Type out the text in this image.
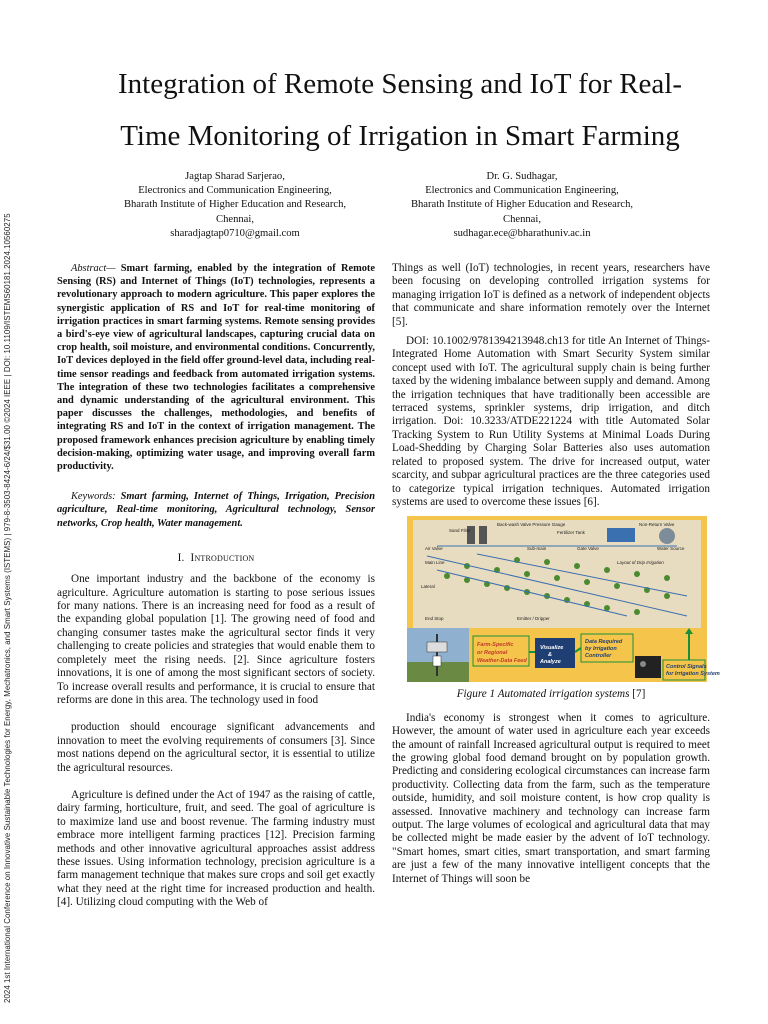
2024 1st International Conference on Innovative Sustainable Technologies for Energy, Mechatronics, and Smart Systems (ISTEMS) | 979-8-3503-8424-6/24/$31.00 ©2024 IEEE | DOI: 10.1109/ISTEMS60181.2024.10560275
Integration of Remote Sensing and IoT for Real-
Time Monitoring of Irrigation in Smart Farming
Jagtap Sharad Sarjerao,
Electronics and Communication Engineering,
Bharath Institute of Higher Education and Research,
Chennai,
sharadjagtap0710@gmail.com
Dr. G. Sudhagar,
Electronics and Communication Engineering,
Bharath Institute of Higher Education and Research,
Chennai,
sudhagar.ece@bharathuniv.ac.in

Abstract— Smart farming, enabled by the integration of Remote Sensing (RS) and Internet of Things (IoT) technologies, represents a revolutionary approach to modern agriculture. This paper explores the synergistic application of RS and IoT for real-time monitoring of irrigation practices in smart farming systems. Remote sensing provides a bird's-eye view of agricultural landscapes, capturing crucial data on crop health, soil moisture, and environmental conditions. Concurrently, IoT devices deployed in the field offer ground-level data, including real-time sensor readings and feedback from automated irrigation systems. The integration of these two technologies facilitates a comprehensive and dynamic understanding of the agricultural environment. This paper discusses the challenges, methodologies, and benefits of integrating RS and IoT in the context of irrigation management. The proposed framework enhances precision agriculture by enabling timely decision-making, optimizing water usage, and improving overall farm productivity.

Keywords: Smart farming, Internet of Things, Irrigation, Precision agriculture, Real-time monitoring, Agricultural technology, Sensor networks, Crop health, Water management.

I. Introduction

One important industry and the backbone of the economy is agriculture. Agriculture automation is starting to pose serious issues for many nations. There is an increasing need for food as a result of the expanding global population [1]. The growing need of food and changing consumer tastes make the agricultural sector finds it very challenging to create policies and strategies that would enable them to completely meet the rising needs. [2]. Since agriculture fosters innovations, it is one of among the most significant sectors of society. To increase overall results and performance, it is crucial to ensure that reforms are done in this area. The technology used in food

production should encourage significant advancements and innovation to meet the evolving requirements of consumers [3]. Since most nations depend on the agricultural sector, it is essential to utilize the agricultural resources.

Agriculture is defined under the Act of 1947 as the raising of cattle, dairy farming, horticulture, fruit, and seed. The goal of agriculture is to maximize land use and boost revenue. The farming industry must embrace more intelligent farming practices [12]. Precision farming methods and other innovative agricultural approaches assist address these issues. Using information technology, precision agriculture is a farm management technique that makes sure crops and soil get exactly what they need at the right time for increased production and health. [4]. Utilizing cloud computing with the Web of

Things as well (IoT) technologies, in recent years, researchers have been focusing on developing controlled irrigation systems for managing irrigation IoT is defined as a network of independent objects that communicate and share information remotely over the Internet [5].

DOI: 10.1002/9781394213948.ch13 for title An Internet of Things-Integrated Home Automation with Smart Security System similar concept used with IoT. The agricultural supply chain is being further taxed by the widening imbalance between supply and demand. Among the irrigation techniques that have traditionally been accessible are terraced systems, sprinkler systems, drip irrigation, and ditch irrigation. Doi: 10.3233/ATDE221224 with title Automated Solar Tracking System to Run Utility Systems at Minimal Loads During Load-Shedding by Charging Solar Batteries also uses automation related to proposed system. The drive for increased output, water scarcity, and subpar agricultural practices are the three categories used to categorize typical irrigation techniques. Automated irrigation systems are used to overcome these issues [6].

Back-wash Valve Pressure Gauge
Sand Filter
Air Valve
Main Line
Sub-main	Gate Valve	Water Source
Non-Return Valve
Fertilizer Tank
Lateral
Emitter / Dripper
End Stop
Layout of Drip Irrigation
Farm-Specific
or Regional
Weather-Data Feed
Visualize
&
Analyze
Data Required
by Irrigation
Controller
Control Signals
for Irrigation System

Figure 1 Automated irrigation systems [7]

India's economy is strongest when it comes to agriculture. However, the amount of water used in agriculture each year exceeds the amount of rainfall Increased agricultural output is required to meet the growing global food demand brought on by population growth. Predicting and considering ecological circumstances can increase farm productivity. Collecting data from the farm, such as the temperature outside, humidity, and soil moisture content, is how crop quality is assessed. Innovative machinery and technology can increase farm output. The large volumes of ecological and agricultural data that may be collected might be made easier by the advent of IoT technology. "Smart homes, smart cities, smart transportation, and smart farming are just a few of the many innovative intelligent concepts that the Internet of Things will soon be
